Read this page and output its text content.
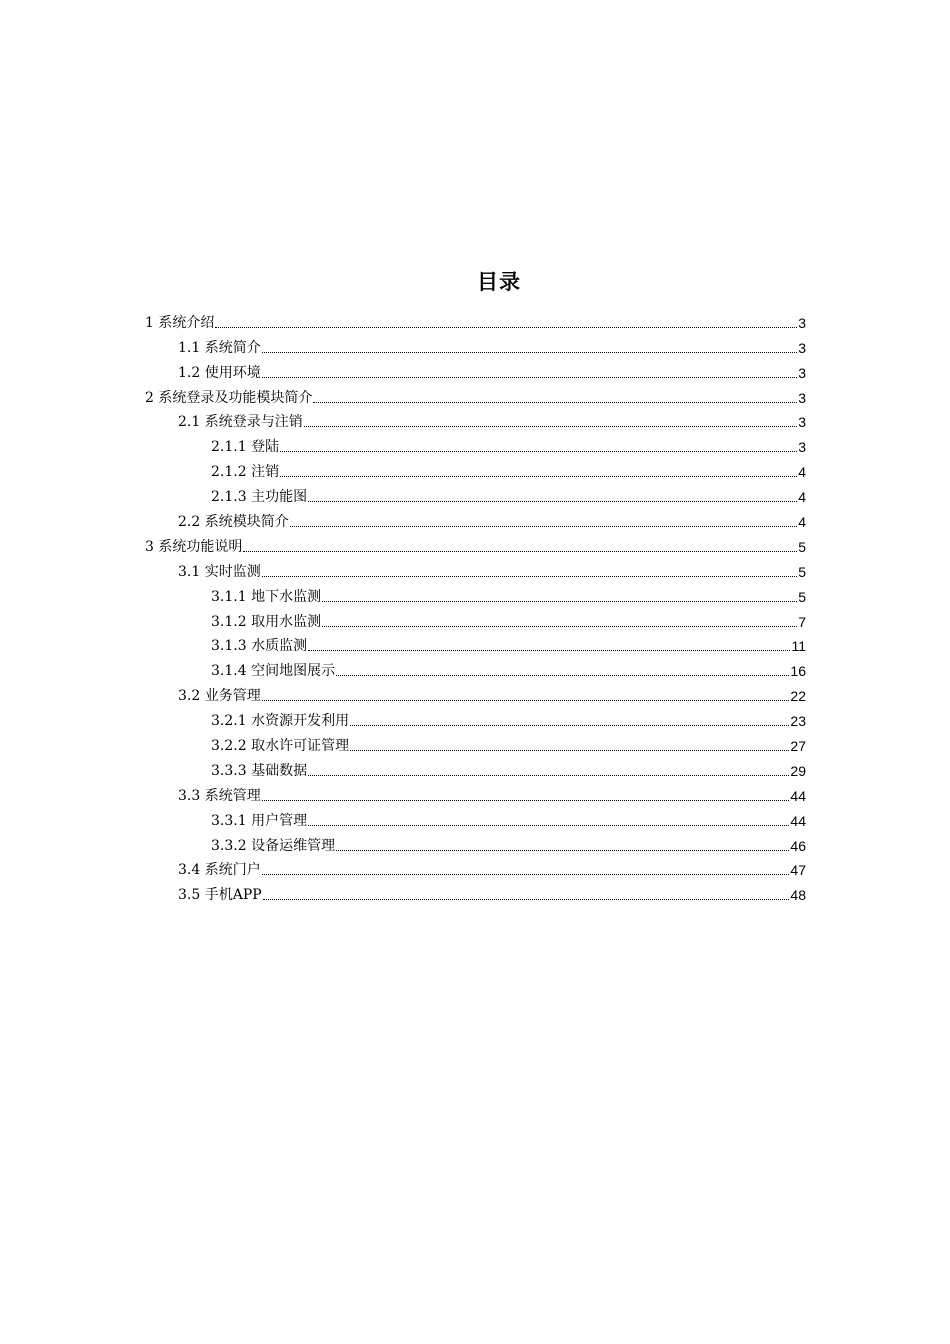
目录
1 系统介绍	3
1.1 系统简介	3
1.2 使用环境	3
2 系统登录及功能模块简介	3
2.1 系统登录与注销	3
2.1.1 登陆	3
2.1.2 注销	4
2.1.3 主功能图	4
2.2 系统模块简介	4
3 系统功能说明	5
3.1 实时监测	5
3.1.1 地下水监测	5
3.1.2 取用水监测	7
3.1.3 水质监测	11
3.1.4 空间地图展示	16
3.2 业务管理	22
3.2.1 水资源开发利用	23
3.2.2 取水许可证管理	27
3.3.3 基础数据	29
3.3 系统管理	44
3.3.1 用户管理	44
3.3.2 设备运维管理	46
3.4 系统门户	47
3.5 手机APP	48
